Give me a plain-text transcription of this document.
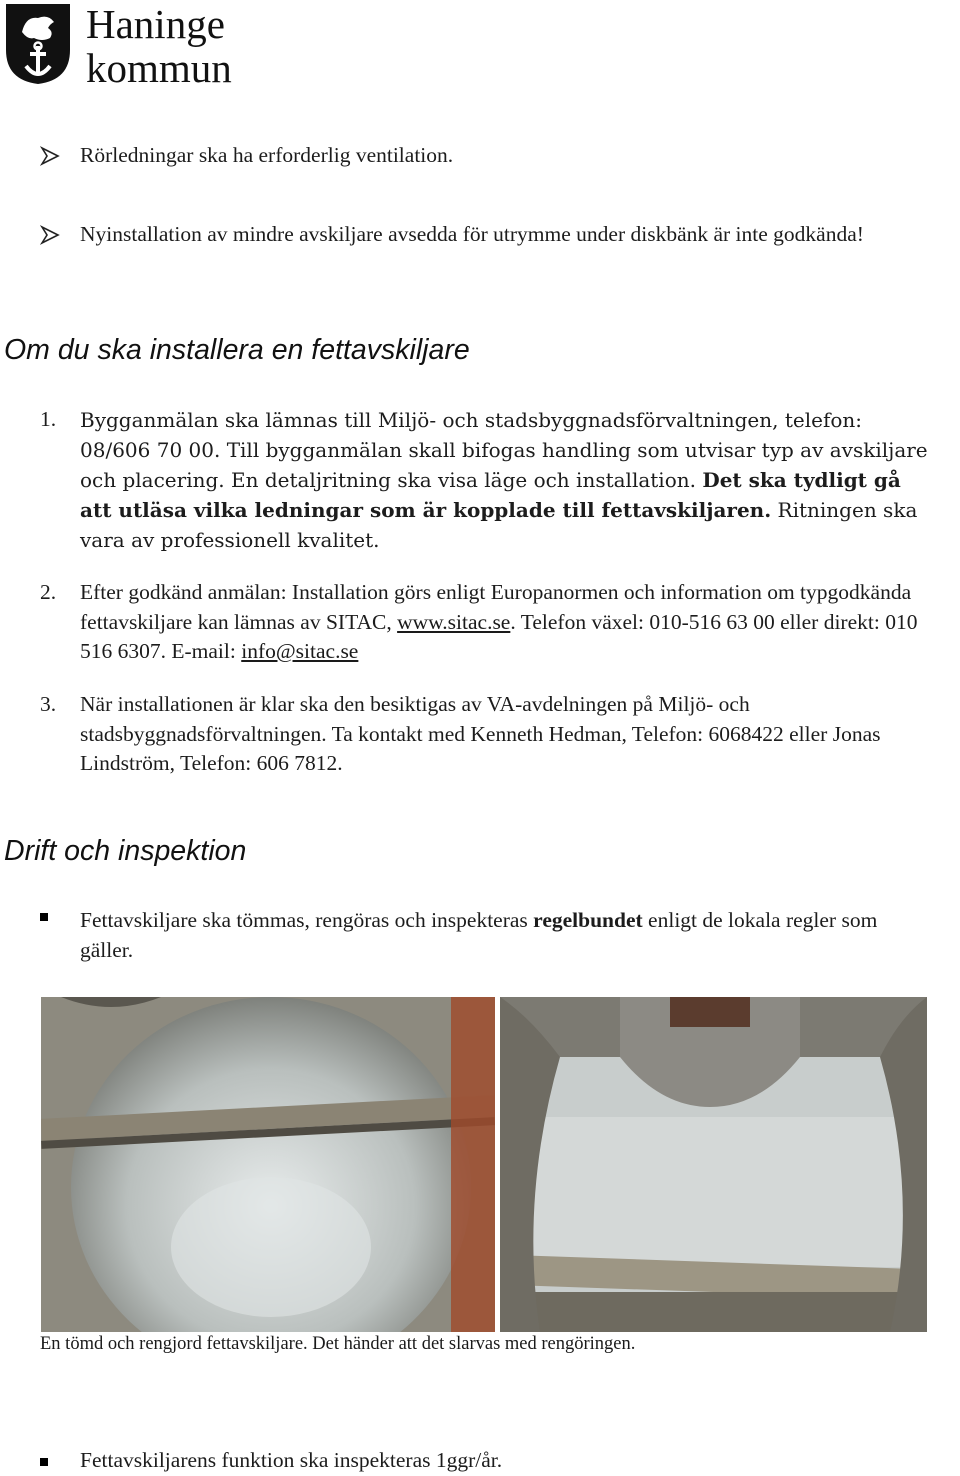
Haninge
kommun
Rörledningar ska ha erforderlig ventilation.
Nyinstallation av mindre avskiljare avsedda för utrymme under diskbänk är inte godkända!
Om du ska installera en fettavskiljare
1. Bygganmälan ska lämnas till Miljö- och stadsbyggnadsförvaltningen, telefon: 08/606 70 00. Till bygganmälan skall bifogas handling som utvisar typ av avskiljare och placering. En detaljritning ska visa läge och installation. Det ska tydligt gå att utläsa vilka ledningar som är kopplade till fettavskiljaren. Ritningen ska vara av professionell kvalitet.
2. Efter godkänd anmälan: Installation görs enligt Europanormen och information om typgodkända fettavskiljare kan lämnas av SITAC, www.sitac.se. Telefon växel: 010-516 63 00 eller direkt: 010 516 6307. E-mail: info@sitac.se
3. När installationen är klar ska den besiktigas av VA-avdelningen på Miljö- och stadsbyggnadsförvaltningen. Ta kontakt med Kenneth Hedman, Telefon: 6068422 eller Jonas Lindström, Telefon: 606 7812.
Drift och inspektion
Fettavskiljare ska tömmas, rengöras och inspekteras regelbundet enligt de lokala regler som gäller.
En tömd och rengjord fettavskiljare. Det händer att det slarvas med rengöringen.
Fettavskiljarens funktion ska inspekteras 1ggr/år.
